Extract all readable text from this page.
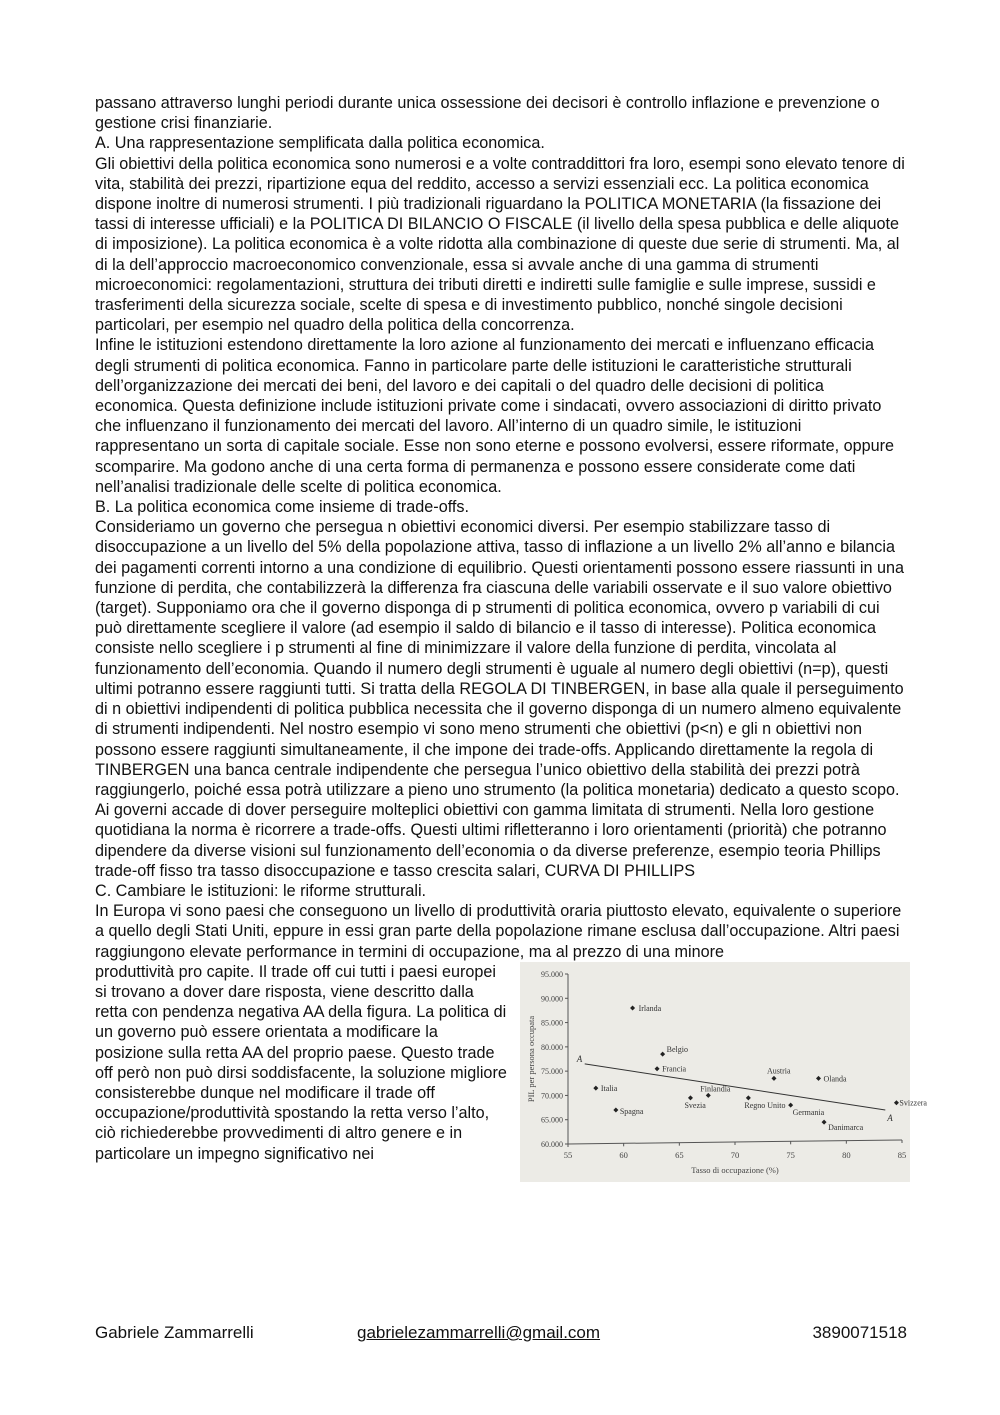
passano attraverso lunghi periodi durante unica ossessione dei decisori è controllo inflazione e prevenzione o gestione crisi finanziarie.

A. Una rappresentazione semplificata dalla politica economica.

Gli obiettivi della politica economica sono numerosi e a volte contraddittori fra loro, esempi sono elevato tenore di vita, stabilità dei prezzi, ripartizione equa del reddito, accesso a servizi essenziali ecc. La politica economica dispone inoltre di numerosi strumenti. I più tradizionali riguardano la POLITICA MONETARIA (la fissazione dei tassi di interesse ufficiali) e la POLITICA DI BILANCIO O FISCALE (il livello della spesa pubblica e delle aliquote di imposizione). La politica economica è a volte ridotta alla combinazione di queste due serie di strumenti. Ma, al di la dell’approccio macroeconomico convenzionale, essa si avvale anche di una gamma di strumenti microeconomici: regolamentazioni, struttura dei tributi diretti e indiretti sulle famiglie e sulle imprese, sussidi e trasferimenti della sicurezza sociale, scelte di spesa e di investimento pubblico, nonché singole decisioni particolari, per esempio nel quadro della politica della concorrenza.

Infine le istituzioni estendono direttamente la loro azione al funzionamento dei mercati e influenzano efficacia degli strumenti di politica economica. Fanno in particolare parte delle istituzioni le caratteristiche strutturali dell’organizzazione dei mercati dei beni, del lavoro e dei capitali o del quadro delle decisioni di politica economica. Questa definizione include istituzioni private come i sindacati, ovvero associazioni di diritto privato che influenzano il funzionamento dei mercati del lavoro. All’interno di un quadro simile, le istituzioni rappresentano un sorta di capitale sociale. Esse non sono eterne e possono evolversi, essere riformate, oppure scomparire. Ma godono anche di una certa forma di permanenza e possono essere considerate come dati nell’analisi tradizionale delle scelte di politica economica.

B. La politica economica come insieme di trade-offs.

Consideriamo un governo che persegua n obiettivi economici diversi. Per esempio stabilizzare tasso di disoccupazione a un livello del 5% della popolazione attiva, tasso di inflazione a un livello 2% all’anno e bilancia dei pagamenti correnti intorno a una condizione di equilibrio. Questi orientamenti possono essere riassunti in una funzione di perdita, che contabilizzerà la differenza fra ciascuna delle variabili osservate e il suo valore obiettivo (target). Supponiamo ora che il governo disponga di p strumenti di politica economica, ovvero p variabili di cui può direttamente scegliere il valore (ad esempio il saldo di bilancio e il tasso di interesse). Politica economica consiste nello scegliere i p strumenti al fine di minimizzare il valore della funzione di perdita, vincolata al funzionamento dell’economia. Quando il numero degli strumenti è uguale al numero degli obiettivi (n=p), questi ultimi potranno essere raggiunti tutti. Si tratta della REGOLA DI TINBERGEN, in base alla quale il perseguimento di n obiettivi indipendenti di politica pubblica necessita che il governo disponga di un numero almeno equivalente di strumenti indipendenti. Nel nostro esempio vi sono meno strumenti che obiettivi (p<n) e gli n obiettivi non possono essere raggiunti simultaneamente, il che impone dei trade-offs. Applicando direttamente la regola di TINBERGEN una banca centrale indipendente che persegua l’unico obiettivo della stabilità dei prezzi potrà raggiungerlo, poiché essa potrà utilizzare a pieno uno strumento (la politica monetaria) dedicato a questo scopo. Ai governi accade di dover perseguire molteplici obiettivi con gamma limitata di strumenti. Nella loro gestione quotidiana la norma è ricorrere a trade-offs. Questi ultimi rifletteranno i loro orientamenti (priorità) che potranno dipendere da diverse visioni sul funzionamento dell’economia o da diverse preferenze, esempio teoria Phillips trade-off fisso tra tasso disoccupazione e tasso crescita salari, CURVA DI PHILLIPS

C. Cambiare le istituzioni: le riforme strutturali.

In Europa vi sono paesi che conseguono un livello di produttività oraria piuttosto elevato, equivalente o superiore a quello degli Stati Uniti, eppure in essi gran parte della popolazione rimane esclusa dall’occupazione. Altri paesi raggiungono elevate performance in termini di occupazione, ma al prezzo di una minore

produttività pro capite. Il trade off cui tutti i paesi europei si trovano a dover dare risposta, viene descritto dalla retta con pendenza negativa AA della figura. La politica di un governo può essere orientata a modificare la posizione sulla retta AA del proprio paese. Questo trade off però non può dirsi soddisfacente, la soluzione migliore consisterebbe dunque nel modificare il trade off occupazione/produttività spostando la retta verso l’alto, ciò richiederebbe provvedimenti di altro genere e in particolare un impegno significativo nei

60.000
65.000
70.000
75.000
80.000
85.000
90.000
95.000
55	60	65	70	75	80	85
Tasso di occupazione (%)
PIL per persona occupata	A
A
Irlanda
Belgio
Francia
Italia
Spagna
Finlandia
Svezia	Regno Unito
Austria
Olanda
Germania
Danimarca
Svizzera
Gabriele Zammarrelli	gabrielezammarrelli@gmail.com	3890071518
